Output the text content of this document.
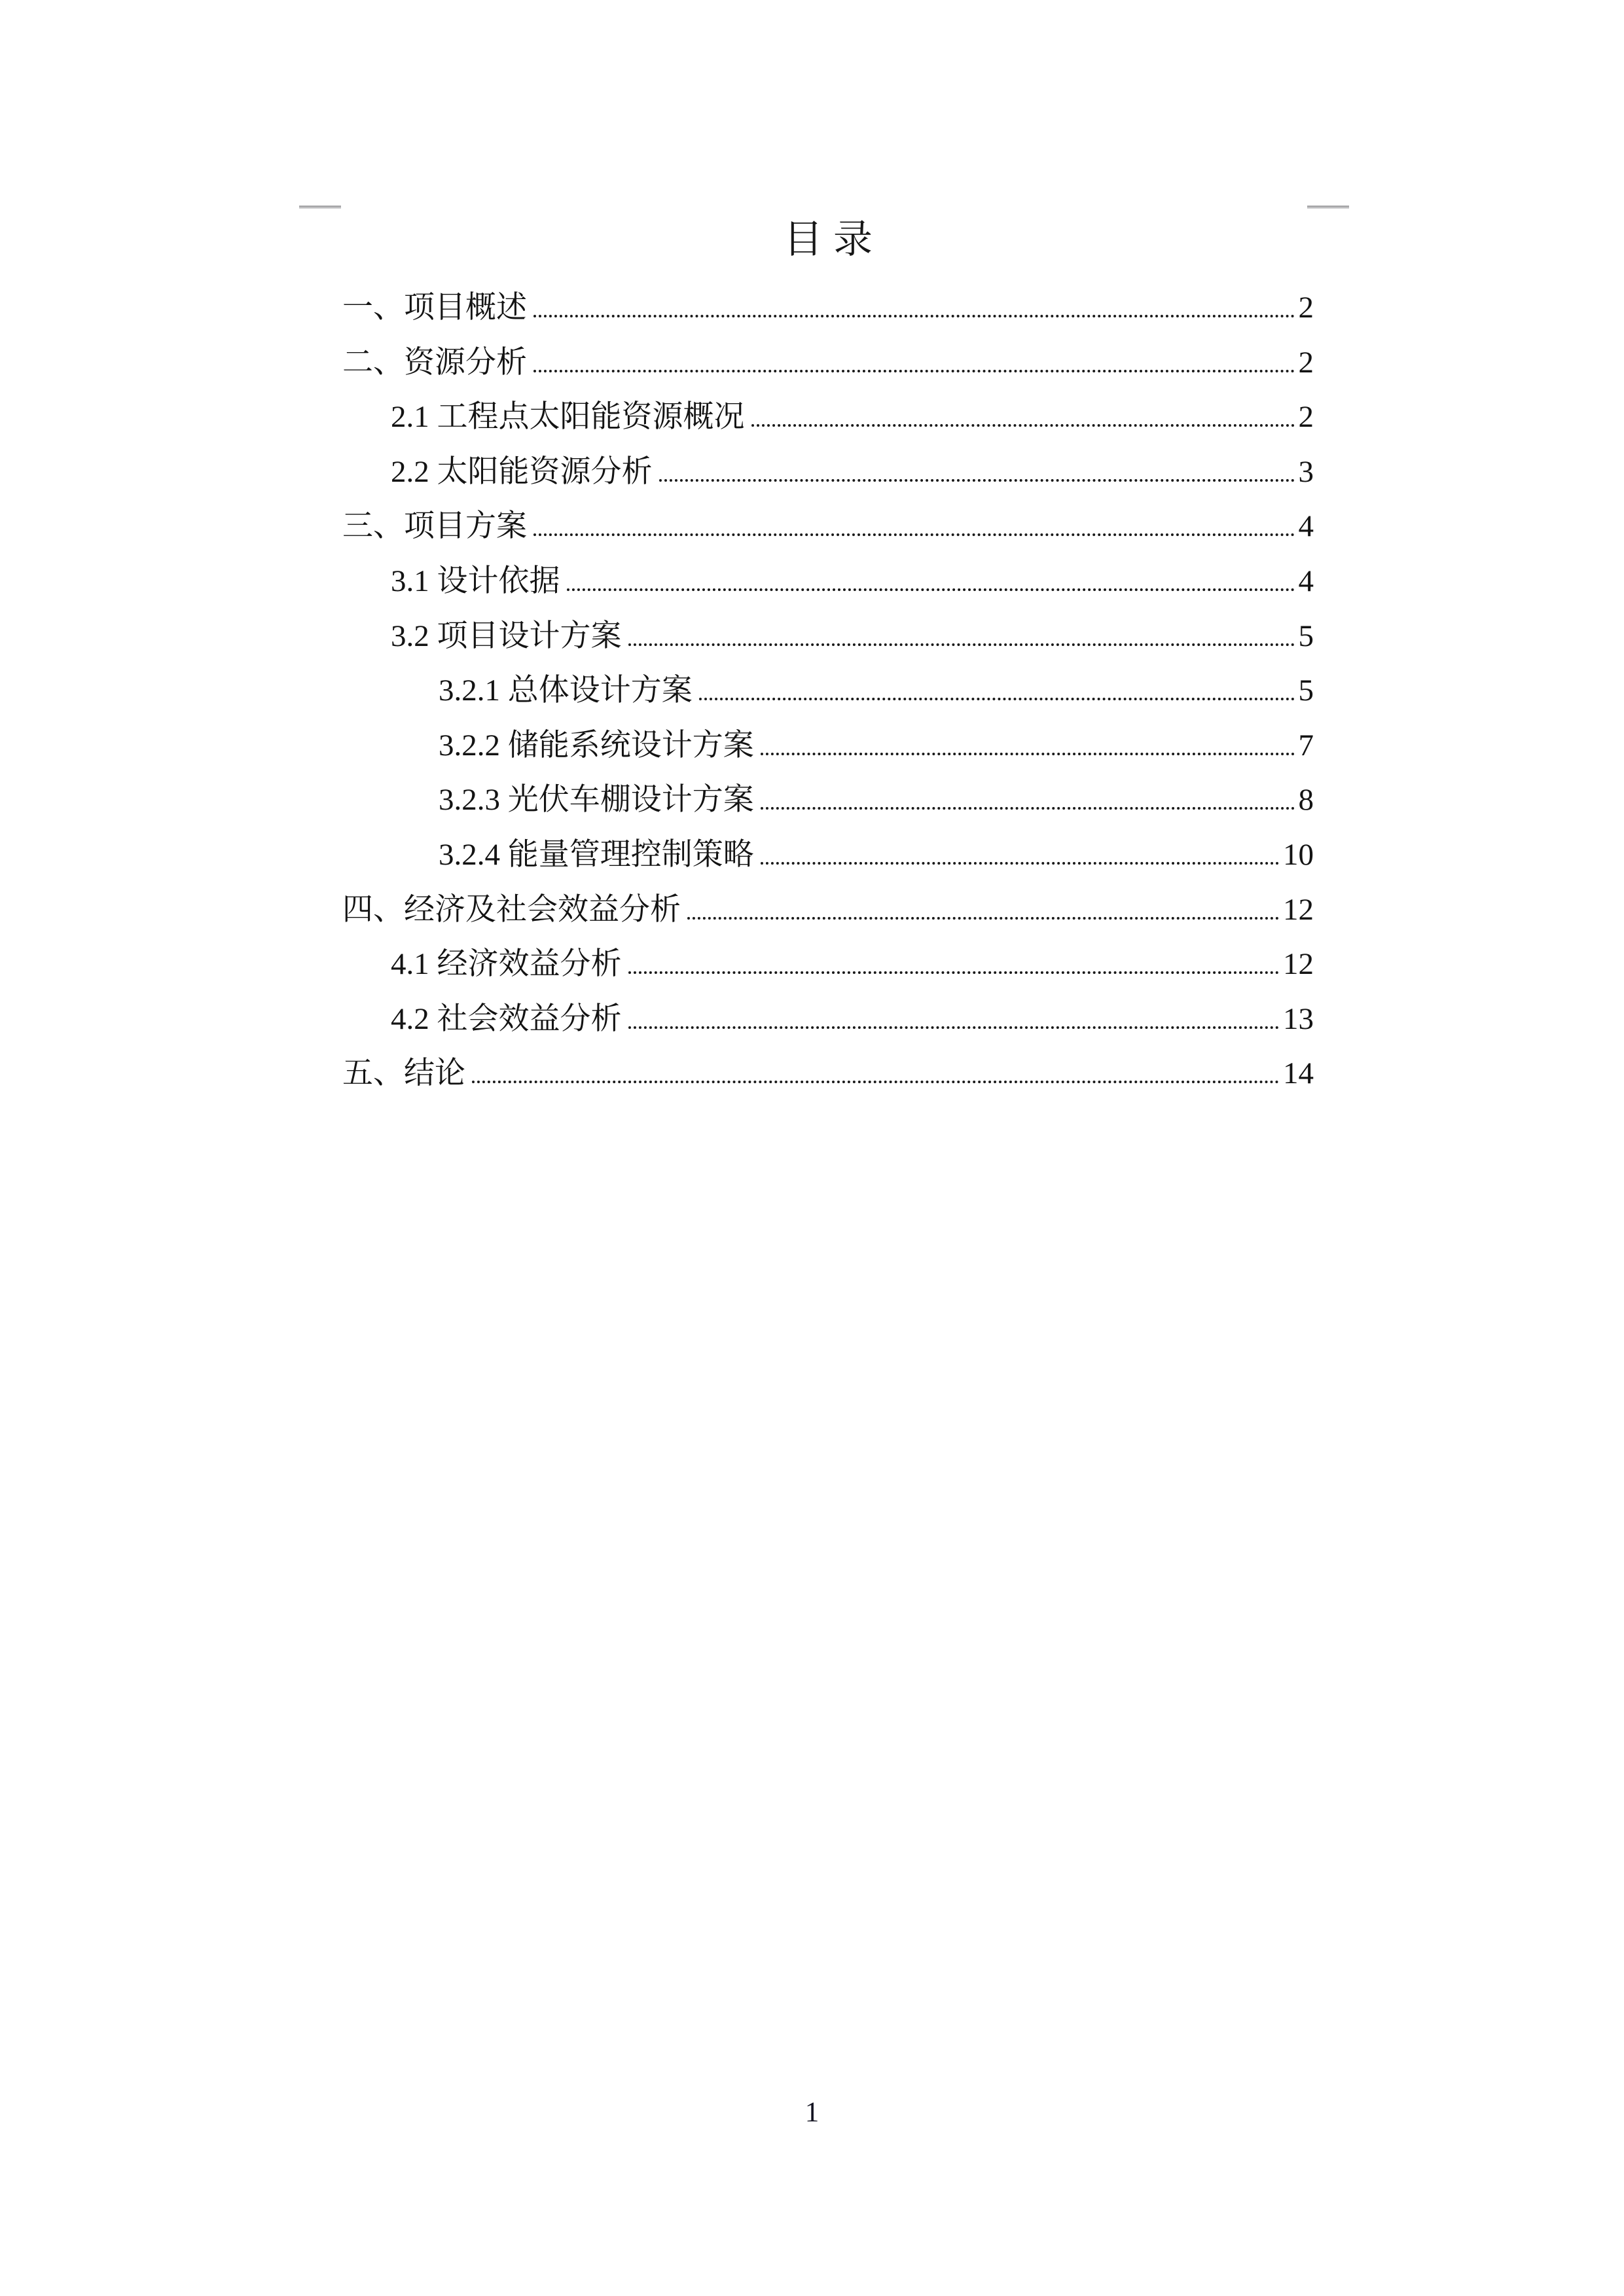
目录
一、项目概述	2
二、资源分析	2
2.1 工程点太阳能资源概况	2
2.2 太阳能资源分析	3
三、项目方案	4
3.1 设计依据	4
3.2 项目设计方案	5
3.2.1 总体设计方案	5
3.2.2 储能系统设计方案	7
3.2.3 光伏车棚设计方案	8
3.2.4 能量管理控制策略	10
四、经济及社会效益分析	12
4.1 经济效益分析	12
4.2 社会效益分析	13
五、结论	14
1
